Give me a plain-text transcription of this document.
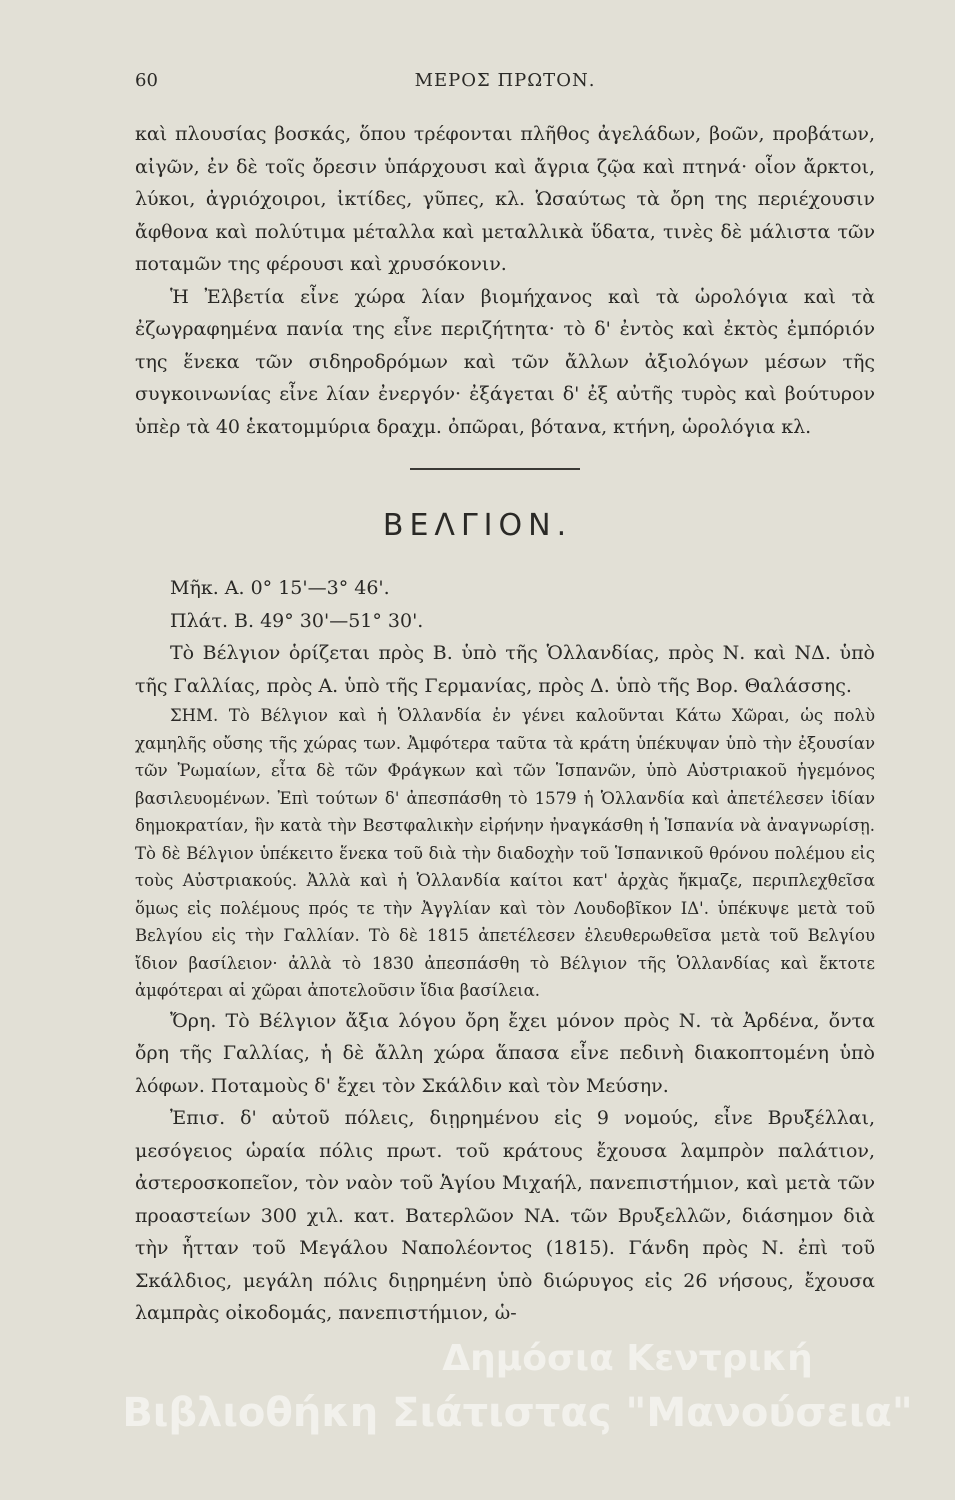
60	ΜΕΡΟΣ ΠΡΩΤΟΝ.

καὶ πλουσίας βοσκάς, ὅπου τρέφονται πλῆθος ἀγελάδων, βοῶν, προβάτων, αἰγῶν, ἐν δὲ τοῖς ὄρεσιν ὑπάρχουσι καὶ ἄγρια ζῷα καὶ πτηνά· οἷον ἄρκτοι, λύκοι, ἀγριόχοιροι, ἰκτίδες, γῦπες, κλ. Ὡσαύτως τὰ ὄρη της περιέχουσιν ἄφθονα καὶ πολύτιμα μέταλλα καὶ μεταλλικὰ ὕδατα, τινὲς δὲ μάλιστα τῶν ποταμῶν της φέρουσι καὶ χρυσόκονιν.

Ἡ Ἐλβετία εἶνε χώρα λίαν βιομήχανος καὶ τὰ ὡρολόγια καὶ τὰ ἐζωγραφημένα πανία της εἶνε περιζήτητα· τὸ δ' ἐντὸς καὶ ἐκτὸς ἐμπόριόν της ἕνεκα τῶν σιδηροδρόμων καὶ τῶν ἄλλων ἀξιολόγων μέσων τῆς συγκοινωνίας εἶνε λίαν ἐνεργόν· ἐξάγεται δ' ἐξ αὐτῆς τυρὸς καὶ βούτυρον ὑπὲρ τὰ 40 ἑκατομμύρια δραχμ. ὀπῶραι, βότανα, κτήνη, ὡρολόγια κλ.

ΒΕΛΓΙΟΝ.

Μῆκ. Α. 0° 15'—3° 46'.

Πλάτ. Β. 49° 30'—51° 30'.

Τὸ Βέλγιον ὁρίζεται πρὸς Β. ὑπὸ τῆς Ὁλλανδίας, πρὸς Ν. καὶ ΝΔ. ὑπὸ τῆς Γαλλίας, πρὸς Α. ὑπὸ τῆς Γερμανίας, πρὸς Δ. ὑπὸ τῆς Βορ. Θαλάσσης.

ΣΗΜ. Τὸ Βέλγιον καὶ ἡ Ὁλλανδία ἐν γένει καλοῦνται Κάτω Χῶραι, ὡς πολὺ χαμηλῆς οὔσης τῆς χώρας των. Ἀμφότερα ταῦτα τὰ κράτη ὑπέκυψαν ὑπὸ τὴν ἐξουσίαν τῶν Ῥωμαίων, εἶτα δὲ τῶν Φράγκων καὶ τῶν Ἱσπανῶν, ὑπὸ Αὐστριακοῦ ἡγεμόνος βασιλευομένων. Ἐπὶ τούτων δ' ἀπεσπάσθη τὸ 1579 ἡ Ὁλλανδία καὶ ἀπετέλεσεν ἰδίαν δημοκρατίαν, ἣν κατὰ τὴν Βεστφαλικὴν εἰρήνην ἠναγκάσθη ἡ Ἱσπανία νὰ ἀναγνωρίσῃ. Τὸ δὲ Βέλγιον ὑπέκειτο ἕνεκα τοῦ διὰ τὴν διαδοχὴν τοῦ Ἱσπανικοῦ θρόνου πολέμου εἰς τοὺς Αὐστριακούς. Ἀλλὰ καὶ ἡ Ὁλλανδία καίτοι κατ' ἀρχὰς ἤκμαζε, περιπλεχθεῖσα ὅμως εἰς πολέμους πρός τε τὴν Ἀγγλίαν καὶ τὸν Λουδοβῖκον ΙΔ'. ὑπέκυψε μετὰ τοῦ Βελγίου εἰς τὴν Γαλλίαν. Τὸ δὲ 1815 ἀπετέλεσεν ἐλευθερωθεῖσα μετὰ τοῦ Βελγίου ἴδιον βασίλειον· ἀλλὰ τὸ 1830 ἀπεσπάσθη τὸ Βέλγιον τῆς Ὁλλανδίας καὶ ἔκτοτε ἀμφότεραι αἱ χῶραι ἀποτελοῦσιν ἴδια βασίλεια.

Ὄρη. Τὸ Βέλγιον ἄξια λόγου ὄρη ἔχει μόνον πρὸς Ν. τὰ Ἀρδένα, ὄντα ὄρη τῆς Γαλλίας, ἡ δὲ ἄλλη χώρα ἅπασα εἶνε πεδινὴ διακοπτομένη ὑπὸ λόφων. Ποταμοὺς δ' ἔχει τὸν Σκάλδιν καὶ τὸν Μεύσην.

Ἐπισ. δ' αὐτοῦ πόλεις, διῃρημένου εἰς 9 νομούς, εἶνε Βρυξέλλαι, μεσόγειος ὡραία πόλις πρωτ. τοῦ κράτους ἔχουσα λαμπρὸν παλάτιον, ἀστεροσκοπεῖον, τὸν ναὸν τοῦ Ἁγίου Μιχαήλ, πανεπιστήμιον, καὶ μετὰ τῶν προαστείων 300 χιλ. κατ. Βατερλῶον ΝΑ. τῶν Βρυξελλῶν, διάσημον διὰ τὴν ἧτταν τοῦ Μεγάλου Ναπολέοντος (1815). Γάνδη πρὸς Ν. ἐπὶ τοῦ Σκάλδιος, μεγάλη πόλις διῃρημένη ὑπὸ διώρυγος εἰς 26 νήσους, ἔχουσα λαμπρὰς οἰκοδομάς, πανεπιστήμιον, ὡ-

Δημόσια Κεντρική
Βιβλιοθήκη Σιάτιστας "Μανούσεια"
